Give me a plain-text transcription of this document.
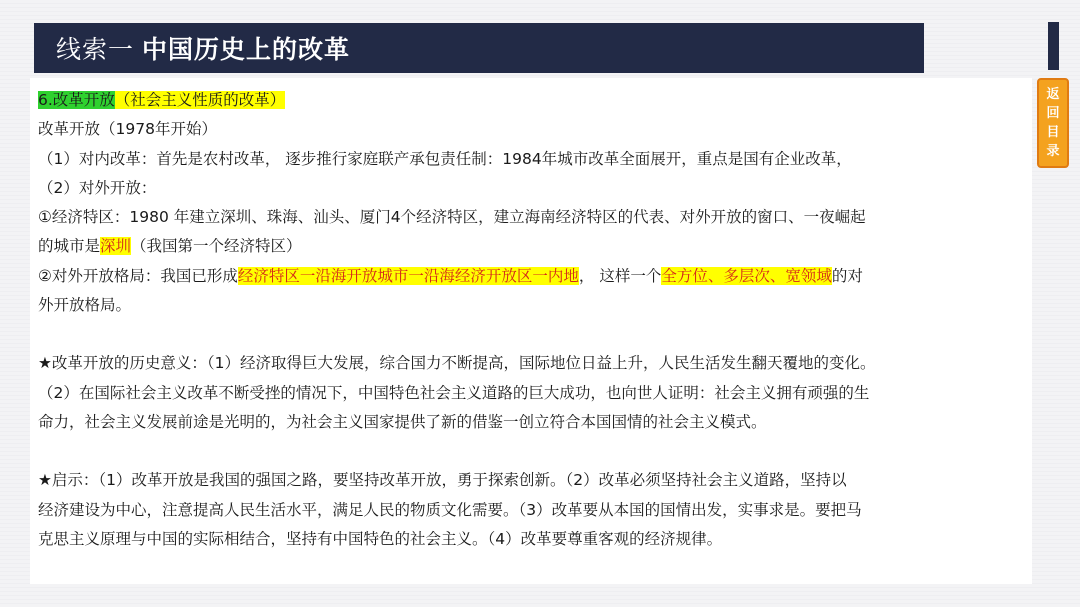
线索一 中国历史上的改革
返
回
目
录

6.改革开放（社会主义性质的改革）

改革开放（1978年开始）

（1）对内改革：首先是农村改革， 逐步推行家庭联产承包责任制：1984年城市改革全面展开，重点是国有企业改革，

（2）对外开放：

①经济特区：1980 年建立深圳、珠海、汕头、厦门4个经济特区，建立海南经济特区的代表、对外开放的窗口、一夜崛起

的城市是深圳（我国第一个经济特区）

②对外开放格局：我国已形成经济特区一沿海开放城市一沿海经济开放区一内地， 这样一个全方位、多层次、宽领域的对

外开放格局。

★改革开放的历史意义：（1）经济取得巨大发展，综合国力不断提高，国际地位日益上升，人民生活发生翻天覆地的变化。

（2）在国际社会主义改革不断受挫的情况下，中国特色社会主义道路的巨大成功，也向世人证明：社会主义拥有顽强的生

命力，社会主义发展前途是光明的，为社会主义国家提供了新的借鉴一创立符合本国国情的社会主义模式。

★启示：（1）改革开放是我国的强国之路，要坚持改革开放，勇于探索创新。（2）改革必须坚持社会主义道路，坚持以

经济建设为中心，注意提高人民生活水平，满足人民的物质文化需要。（3）改革要从本国的国情出发，实事求是。要把马

克思主义原理与中国的实际相结合，坚持有中国特色的社会主义。（4）改革要尊重客观的经济规律。
